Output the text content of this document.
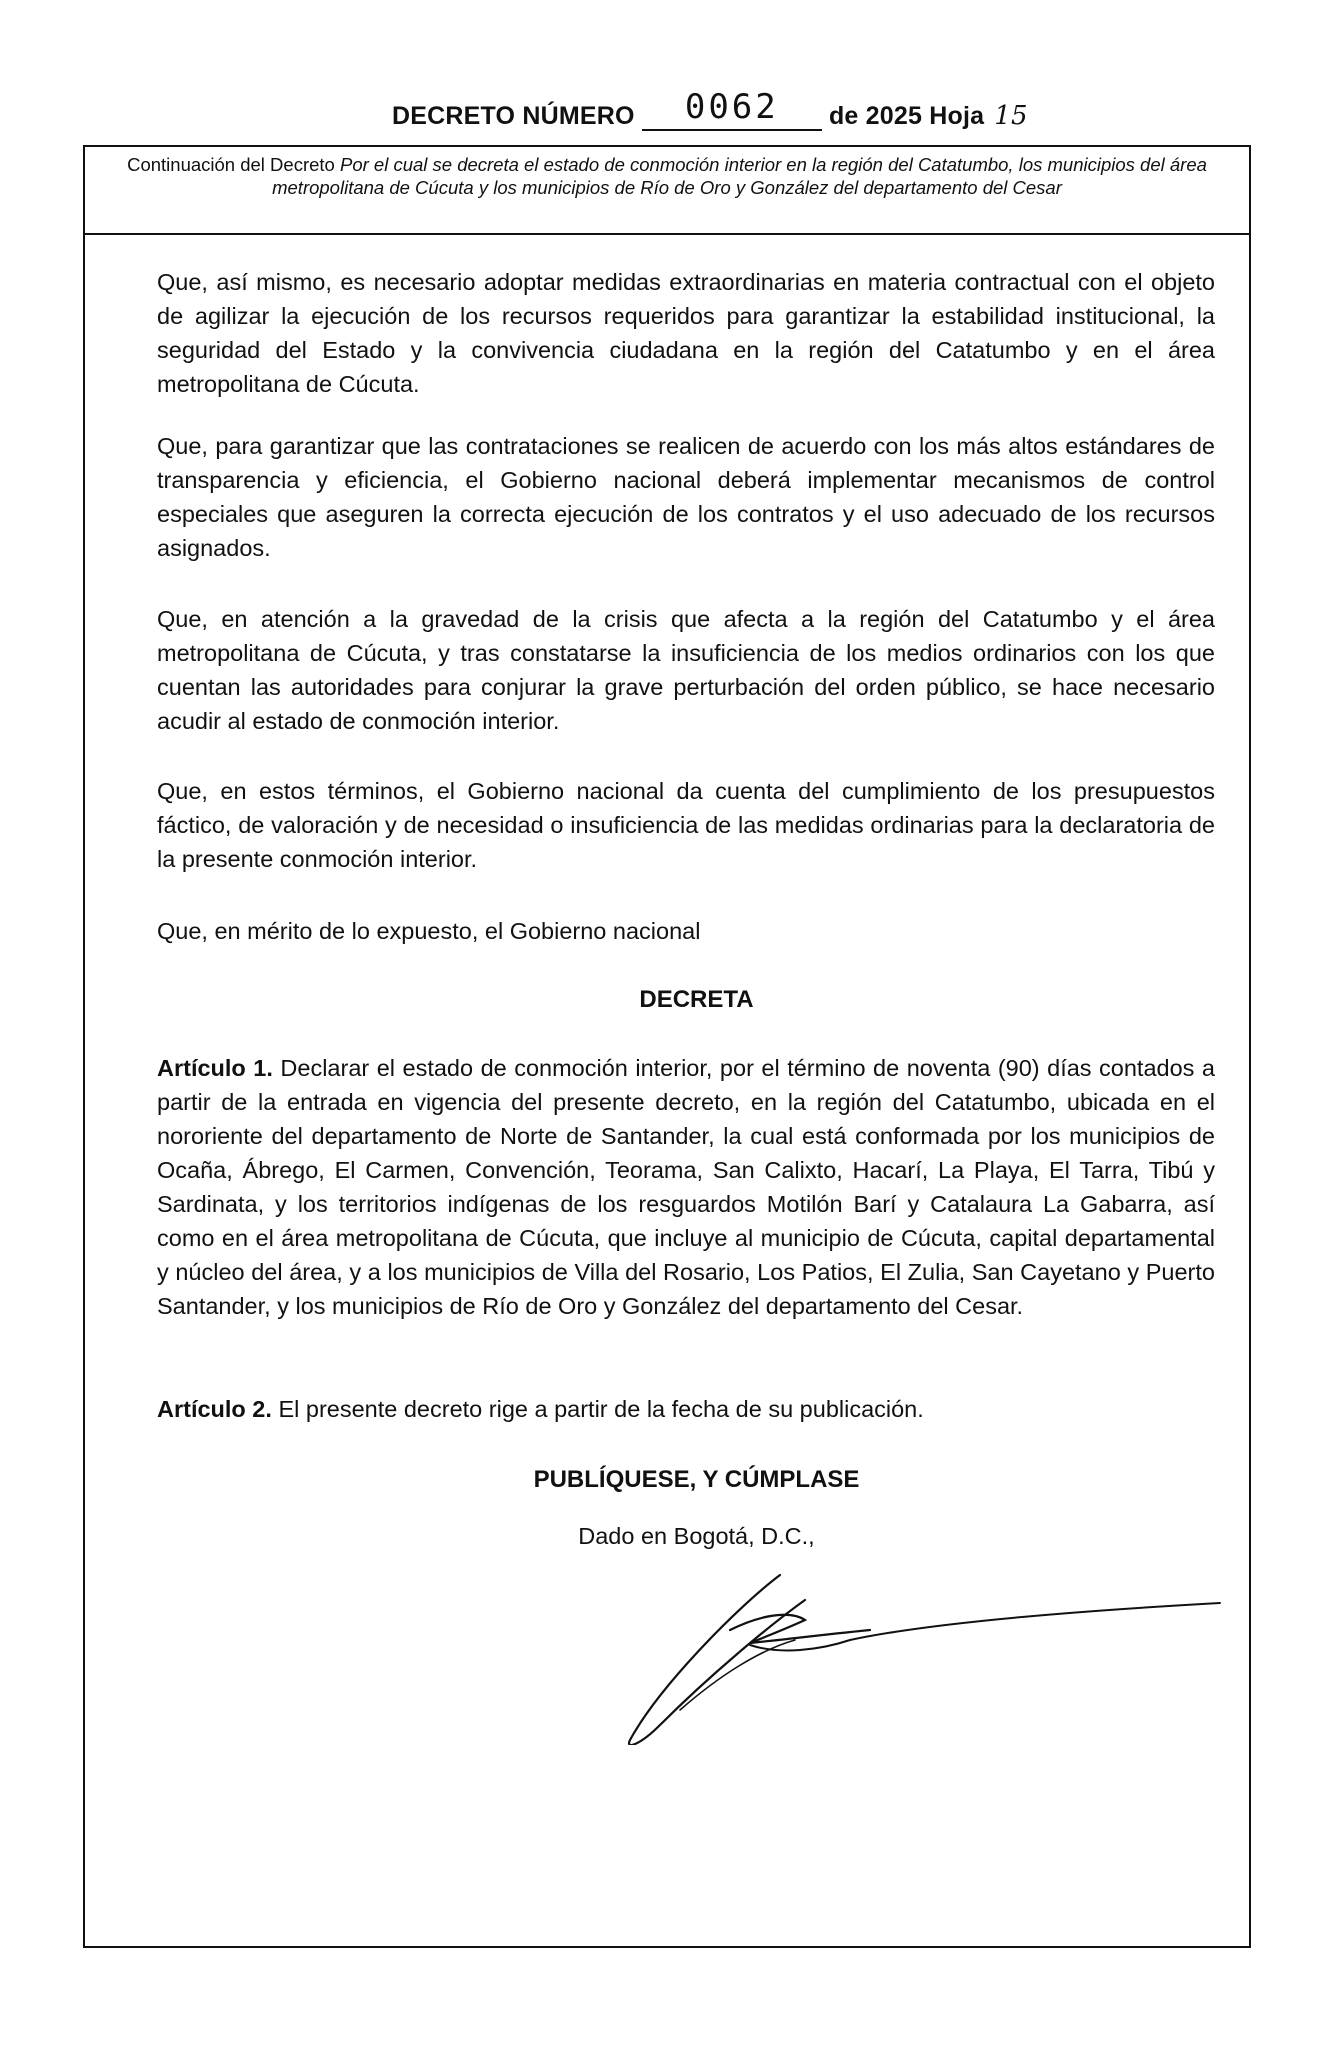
DECRETO NÚMERO 0062 de 2025 Hoja 15
Continuación del Decreto Por el cual se decreta el estado de conmoción interior en la región del Catatumbo, los municipios del área metropolitana de Cúcuta y los municipios de Río de Oro y González del departamento del Cesar
Que, así mismo, es necesario adoptar medidas extraordinarias en materia contractual con el objeto de agilizar la ejecución de los recursos requeridos para garantizar la estabilidad institucional, la seguridad del Estado y la convivencia ciudadana en la región del Catatumbo y en el área metropolitana de Cúcuta.
Que, para garantizar que las contrataciones se realicen de acuerdo con los más altos estándares de transparencia y eficiencia, el Gobierno nacional deberá implementar mecanismos de control especiales que aseguren la correcta ejecución de los contratos y el uso adecuado de los recursos asignados.
Que, en atención a la gravedad de la crisis que afecta a la región del Catatumbo y el área metropolitana de Cúcuta, y tras constatarse la insuficiencia de los medios ordinarios con los que cuentan las autoridades para conjurar la grave perturbación del orden público, se hace necesario acudir al estado de conmoción interior.
Que, en estos términos, el Gobierno nacional da cuenta del cumplimiento de los presupuestos fáctico, de valoración y de necesidad o insuficiencia de las medidas ordinarias para la declaratoria de la presente conmoción interior.
Que, en mérito de lo expuesto, el Gobierno nacional
DECRETA
Artículo 1. Declarar el estado de conmoción interior, por el término de noventa (90) días contados a partir de la entrada en vigencia del presente decreto, en la región del Catatumbo, ubicada en el nororiente del departamento de Norte de Santander, la cual está conformada por los municipios de Ocaña, Ábrego, El Carmen, Convención, Teorama, San Calixto, Hacarí, La Playa, El Tarra, Tibú y Sardinata, y los territorios indígenas de los resguardos Motilón Barí y Catalaura La Gabarra, así como en el área metropolitana de Cúcuta, que incluye al municipio de Cúcuta, capital departamental y núcleo del área, y a los municipios de Villa del Rosario, Los Patios, El Zulia, San Cayetano y Puerto Santander, y los municipios de Río de Oro y González del departamento del Cesar.
Artículo 2. El presente decreto rige a partir de la fecha de su publicación.
PUBLÍQUESE, Y CÚMPLASE
Dado en Bogotá, D.C.,
